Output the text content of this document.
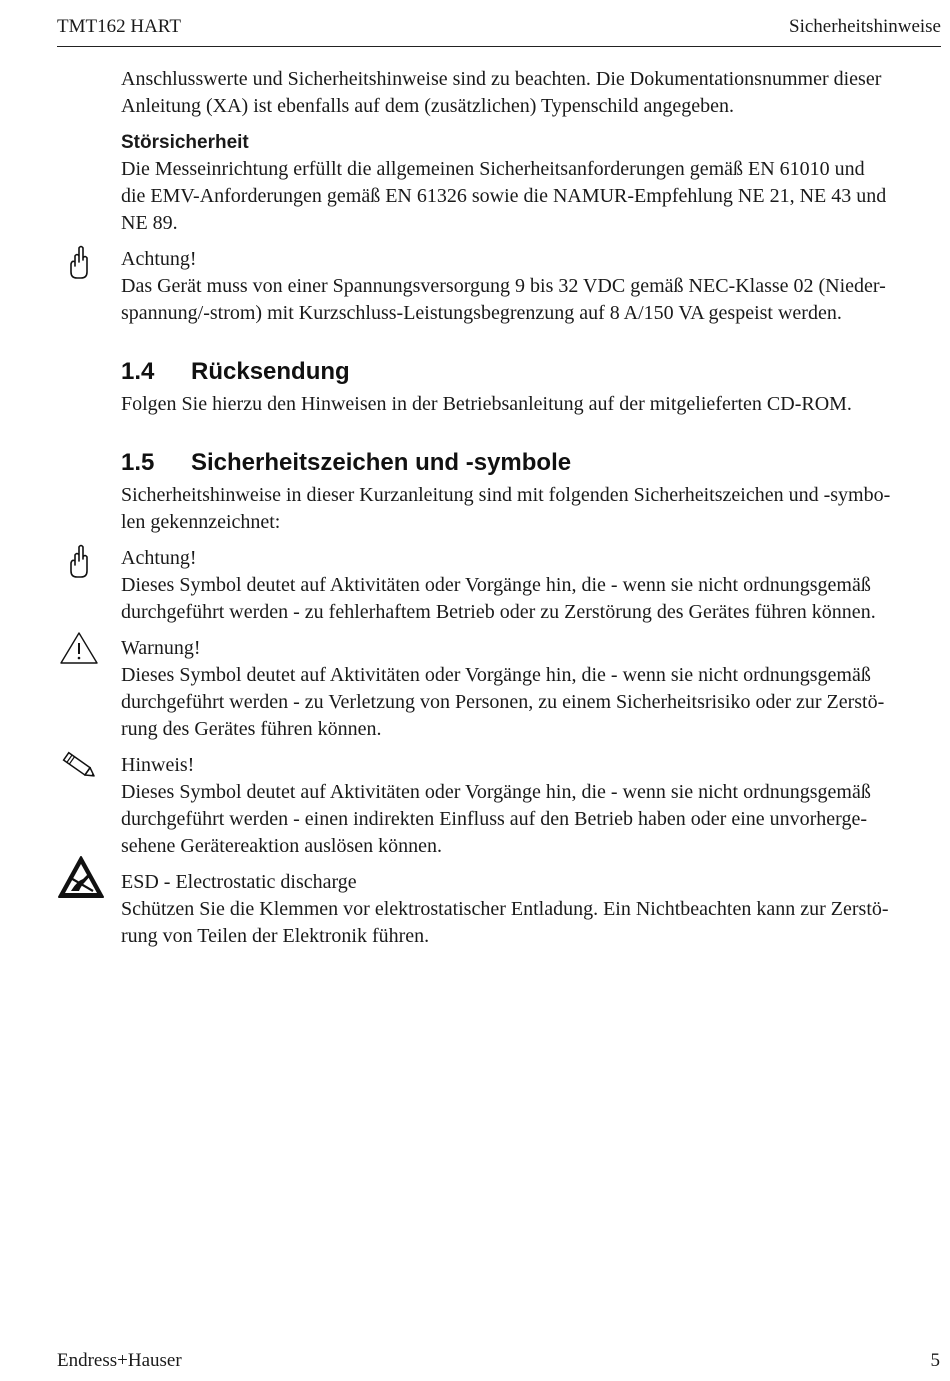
TMT162 HART	Sicherheitshinweise

Anschlusswerte und Sicherheitshinweise sind zu beachten. Die Dokumentationsnummer dieser

Anleitung (XA) ist ebenfalls auf dem (zusätzlichen) Typenschild angegeben.

Störsicherheit

Die Messeinrichtung erfüllt die allgemeinen Sicherheitsanforderungen gemäß EN 61010 und

die EMV-Anforderungen gemäß EN 61326 sowie die NAMUR-Empfehlung NE 21, NE 43 und

NE 89.

Achtung!

Das Gerät muss von einer Spannungsversorgung 9 bis 32 VDC gemäß NEC-Klasse 02 (Nieder-

spannung/-strom) mit Kurzschluss-Leistungsbegrenzung auf 8 A/150 VA gespeist werden.

1.4 Rücksendung

Folgen Sie hierzu den Hinweisen in der Betriebsanleitung auf der mitgelieferten CD-ROM.

1.5 Sicherheitszeichen und -symbole

Sicherheitshinweise in dieser Kurzanleitung sind mit folgenden Sicherheitszeichen und -symbo-

len gekennzeichnet:

Achtung!

Dieses Symbol deutet auf Aktivitäten oder Vorgänge hin, die - wenn sie nicht ordnungsgemäß

durchgeführt werden - zu fehlerhaftem Betrieb oder zu Zerstörung des Gerätes führen können.

Warnung!

Dieses Symbol deutet auf Aktivitäten oder Vorgänge hin, die - wenn sie nicht ordnungsgemäß

durchgeführt werden - zu Verletzung von Personen, zu einem Sicherheitsrisiko oder zur Zerstö-

rung des Gerätes führen können.

Hinweis!

Dieses Symbol deutet auf Aktivitäten oder Vorgänge hin, die - wenn sie nicht ordnungsgemäß

durchgeführt werden - einen indirekten Einfluss auf den Betrieb haben oder eine unvorherge-

sehene Gerätereaktion auslösen können.

ESD - Electrostatic discharge

Schützen Sie die Klemmen vor elektrostatischer Entladung. Ein Nichtbeachten kann zur Zerstö-

rung von Teilen der Elektronik führen.

Endress+Hauser	5
